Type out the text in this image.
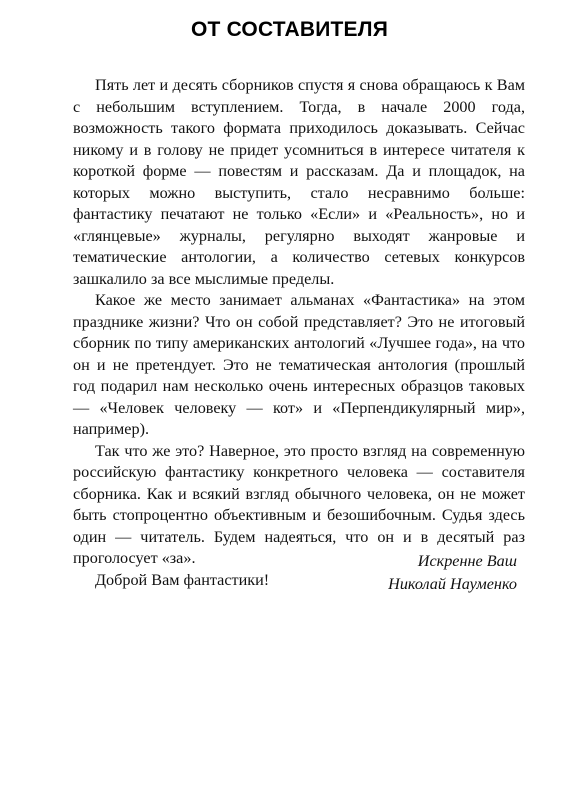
ОТ СОСТАВИТЕЛЯ

Пять лет и десять сборников спустя я снова обращаюсь к Вам с небольшим вступлением. Тогда, в начале 2000 года, возможность такого формата приходилось доказывать. Сейчас никому и в голову не придет усомниться в интересе читателя к короткой форме — повестям и рассказам. Да и площадок, на которых можно выступить, стало несравнимо больше: фантастику печатают не только «Если» и «Реальность», но и «глянцевые» журналы, регулярно выходят жанровые и тематические антологии, а количество сетевых конкурсов зашкалило за все мыслимые пределы.

Какое же место занимает альманах «Фантастика» на этом празднике жизни? Что он собой представляет? Это не итоговый сборник по типу американских антологий «Лучшее года», на что он и не претендует. Это не тематическая антология (прошлый год подарил нам несколько очень интересных образцов таковых — «Человек человеку — кот» и «Перпендикулярный мир», например).

Так что же это? Наверное, это просто взгляд на современную российскую фантастику конкретного человека — составителя сборника. Как и всякий взгляд обычного человека, он не может быть стопроцентно объективным и безошибочным. Судья здесь один — читатель. Будем надеяться, что он и в десятый раз проголосует «за».

Доброй Вам фантастики!

Искренне Ваш
Николай Науменко
